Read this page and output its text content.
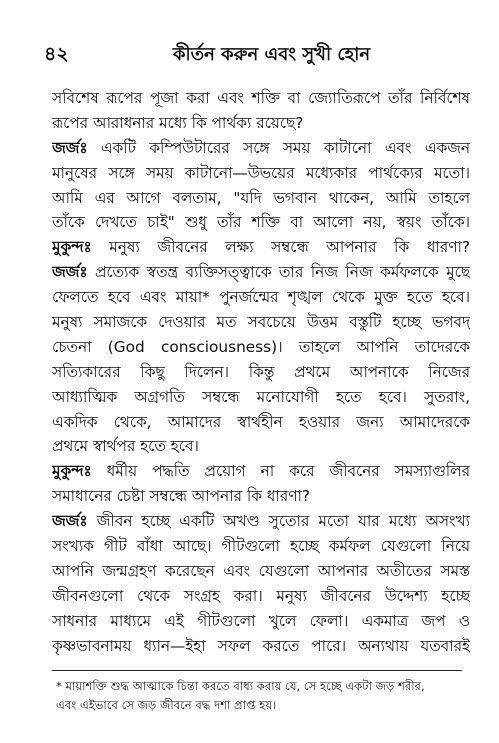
৪২	কীর্তন করুন এবং সুখী হোন
সবিশেষ রূপের পূজা করা এবং শক্তি বা জ্যোতিরূপে তাঁর নির্বিশেষ
রূপের আরাধনার মধ্যে কি পার্থক্য রয়েছে?
জর্জঃ একটি কম্পিউটারের সঙ্গে সময় কাটানো এবং একজন
মানুষের সঙ্গে সময় কাটানো—উভয়ের মধ্যেকার পার্থক্যের মতো।
আমি এর আগে বলতাম, "যদি ভগবান থাকেন, আমি তাহলে
তাঁকে দেখতে চাই" শুধু তাঁর শক্তি বা আলো নয়, স্বয়ং তাঁকে।
মুকুন্দঃ মনুষ্য জীবনের লক্ষ্য সম্বন্ধে আপনার কি ধারণা?
জর্জঃ প্রত্যেক স্বতন্ত্র ব্যক্তিসত্ত্বাকে তার নিজ নিজ কর্মফলকে মুছে
ফেলতে হবে এবং মায়া* পুনর্জন্মের শৃঙ্খল থেকে মুক্ত হতে হবে।
মনুষ্য সমাজকে দেওয়ার মত সবচেয়ে উত্তম বস্তুটি হচ্ছে ভগবদ্
চেতনা (God consciousness)। তাহলে আপনি তাদেরকে
সত্যিকারের কিছু দিলেন। কিন্তু প্রথমে আপনাকে নিজের
আধ্যাত্মিক অগ্রগতি সম্বন্ধে মনোযোগী হতে হবে। সুতরাং,
একদিক থেকে, আমাদের স্বার্থহীন হওয়ার জন্য আমাদেরকে
প্রথমে স্বার্থপর হতে হবে।
মুকুন্দঃ ধর্মীয় পদ্ধতি প্রয়োগ না করে জীবনের সমস্যাগুলির
সমাধানের চেষ্টা সম্বন্ধে আপনার কি ধারণা?
জর্জঃ জীবন হচ্ছে একটি অখণ্ড সুতোর মতো যার মধ্যে অসংখ্য
সংখ্যক গীট বাঁধা আছে। গীটগুলো হচ্ছে কর্মফল যেগুলো নিয়ে
আপনি জন্মগ্রহণ করেছেন এবং যেগুলো আপনার অতীতের সমস্ত
জীবনগুলো থেকে সংগ্রহ করা। মনুষ্য জীবনের উদ্দেশ্য হচ্ছে
সাধনার মাধ্যমে এই গীটগুলো খুলে ফেলা। একমাত্র জপ ও
কৃষ্ণভাবনাময় ধ্যান—ইহা সফল করতে পারে। অন্যথায় যতবারই
* মায়াশক্তি শুদ্ধ আত্মাকে চিন্তা করতে বাধ্য করায় যে, সে হচ্ছে একটা জড় শরীর,
এবং এইভাবে সে জড় জীবনে বদ্ধ দশা প্রাপ্ত হয়।
